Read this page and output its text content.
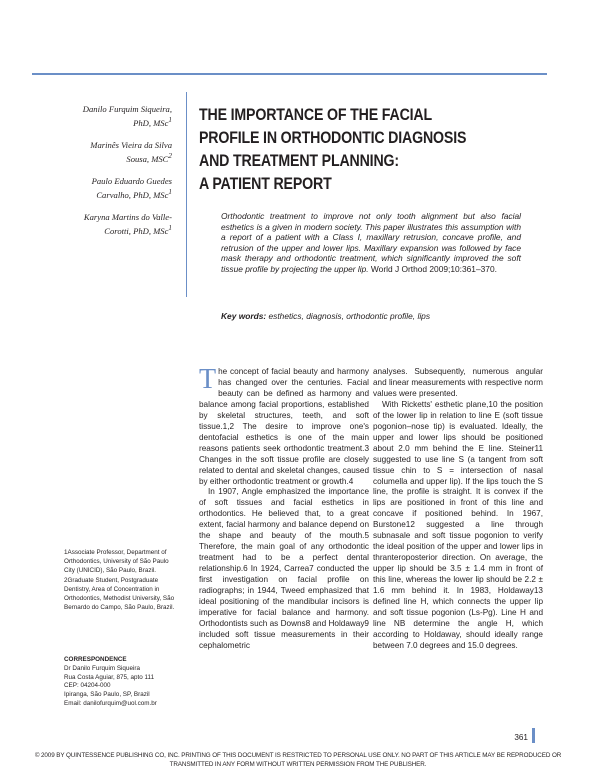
Danilo Furquim Siqueira,
PhD, MSc$^1$
Marinês Vieira da Silva
Sousa, MSC$^2$
Paulo Eduardo Guedes
Carvalho, PhD, MSc$^1$
Karyna Martins do Valle-
Corotti, PhD, MSc$^1$
THE IMPORTANCE OF THE FACIAL
PROFILE IN ORTHODONTIC DIAGNOSIS
AND TREATMENT PLANNING:
A PATIENT REPORT
Orthodontic treatment to improve not only tooth alignment but also facial esthetics is a given in modern society. This paper illustrates this assumption with a report of a patient with a Class I, maxillary retrusion, concave profile, and retrusion of the upper and lower lips. Maxillary expansion was followed by face mask therapy and orthodontic treatment, which significantly improved the soft tissue profile by projecting the upper lip. World J Orthod 2009;10:361–370.
Key words: esthetics, diagnosis, orthodontic profile, lips

The concept of facial beauty and harmony has changed over the centuries. Facial beauty can be defined as harmony and balance among facial proportions, established by skeletal structures, teeth, and soft tissue.1,2 The desire to improve one's dentofacial esthetics is one of the main reasons patients seek orthodontic treatment.3 Changes in the soft tissue profile are closely related to dental and skeletal changes, caused by either orthodontic treatment or growth.4

In 1907, Angle emphasized the importance of soft tissues and facial esthetics in orthodontics. He believed that, to a great extent, facial harmony and balance depend on the shape and beauty of the mouth.5 Therefore, the main goal of any orthodontic treatment had to be a perfect dental relationship.6 In 1924, Carrea7 conducted the first investigation on facial profile on radiographs; in 1944, Tweed emphasized that ideal positioning of the mandibular incisors is imperative for facial balance and harmony. Orthodontists such as Downs8 and Holdaway9 included soft tissue measurements in their cephalometric

analyses. Subsequently, numerous angular and linear measurements with respective norm values were presented.

With Ricketts' esthetic plane,10 the position of the lower lip in relation to line E (soft tissue pogonion–nose tip) is evaluated. Ideally, the upper and lower lips should be positioned about 2.0 mm behind the E line. Steiner11 suggested to use line S (a tangent from soft tissue chin to S = intersection of nasal columella and upper lip). If the lips touch the S line, the profile is straight. It is convex if the lips are positioned in front of this line and concave if positioned behind. In 1967, Burstone12 suggested a line through subnasale and soft tissue pogonion to verify the ideal position of the upper and lower lips in thranteroposterior direction. On average, the upper lip should be 3.5 ± 1.4 mm in front of this line, whereas the lower lip should be 2.2 ± 1.6 mm behind it. In 1983, Holdaway13 defined line H, which connects the upper lip and soft tissue pogonion (Ls-Pg). Line H and line NB determine the angle H, which according to Holdaway, should ideally range between 7.0 degrees and 15.0 degrees.

1Associate Professor, Department of Orthodontics, University of São Paulo City (UNICID), São Paulo, Brazil.

2Graduate Student, Postgraduate Dentistry, Area of Concentration in Orthodontics, Methodist University, São Bernardo do Campo, São Paulo, Brazil.

CORRESPONDENCE
Dr Danilo Furquim Siqueira
Rua Costa Aguiar, 875, apto 111
CEP: 04204-000
Ipiranga, São Paulo, SP, Brazil
Email: danilofurquim@uol.com.br
361
© 2009 BY QUINTESSENCE PUBLISHING CO, INC. PRINTING OF THIS DOCUMENT IS RESTRICTED TO PERSONAL USE ONLY. NO PART OF THIS ARTICLE MAY BE REPRODUCED OR TRANSMITTED IN ANY FORM WITHOUT WRITTEN PERMISSION FROM THE PUBLISHER.
